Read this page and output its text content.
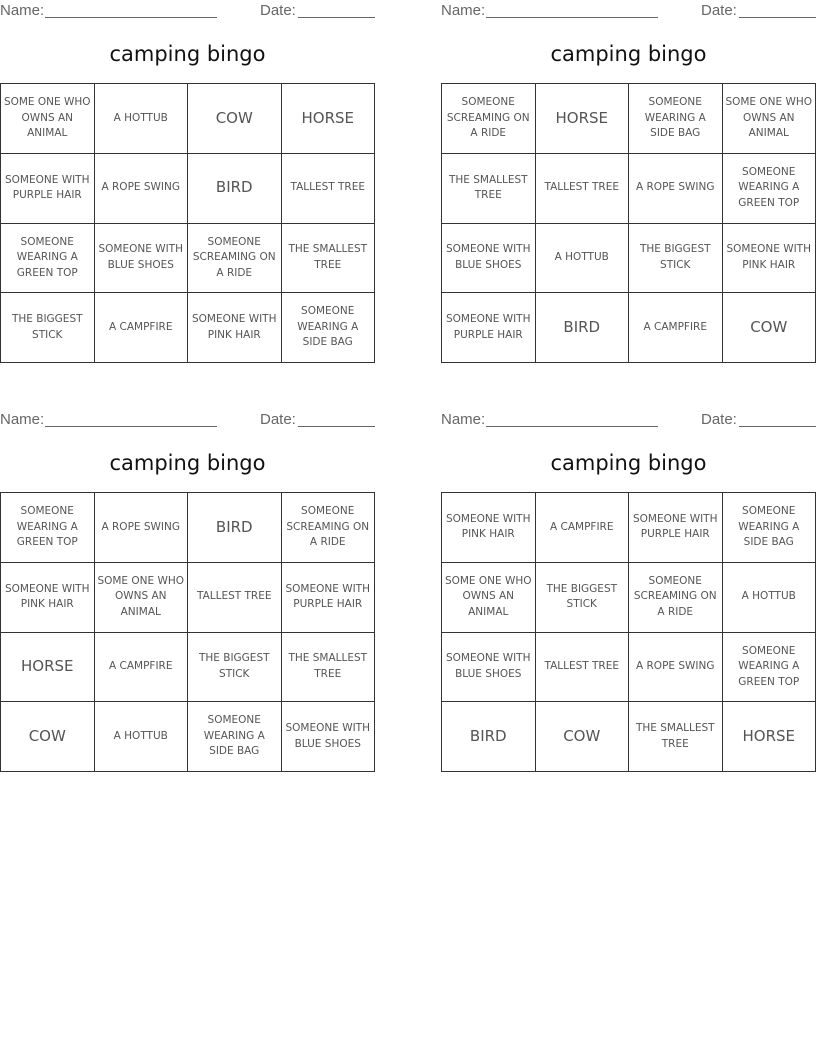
Name:	Date:
camping bingo
SOME ONE WHO OWNS AN ANIMAL	A HOTTUB	COW	HORSE
SOMEONE WITH PURPLE HAIR	A ROPE SWING	BIRD	TALLEST TREE
SOMEONE WEARING A GREEN TOP	SOMEONE WITH BLUE SHOES	SOMEONE SCREAMING ON A RIDE	THE SMALLEST TREE
THE BIGGEST STICK	A CAMPFIRE	SOMEONE WITH PINK HAIR	SOMEONE WEARING A SIDE BAG
Name:	Date:
camping bingo
SOMEONE SCREAMING ON A RIDE	HORSE	SOMEONE WEARING A SIDE BAG	SOME ONE WHO OWNS AN ANIMAL
THE SMALLEST TREE	TALLEST TREE	A ROPE SWING	SOMEONE WEARING A GREEN TOP
SOMEONE WITH BLUE SHOES	A HOTTUB	THE BIGGEST STICK	SOMEONE WITH PINK HAIR
SOMEONE WITH PURPLE HAIR	BIRD	A CAMPFIRE	COW
Name:	Date:
camping bingo
SOMEONE WEARING A GREEN TOP	A ROPE SWING	BIRD	SOMEONE SCREAMING ON A RIDE
SOMEONE WITH PINK HAIR	SOME ONE WHO OWNS AN ANIMAL	TALLEST TREE	SOMEONE WITH PURPLE HAIR
HORSE	A CAMPFIRE	THE BIGGEST STICK	THE SMALLEST TREE
COW	A HOTTUB	SOMEONE WEARING A SIDE BAG	SOMEONE WITH BLUE SHOES
Name:	Date:
camping bingo
SOMEONE WITH PINK HAIR	A CAMPFIRE	SOMEONE WITH PURPLE HAIR	SOMEONE WEARING A SIDE BAG
SOME ONE WHO OWNS AN ANIMAL	THE BIGGEST STICK	SOMEONE SCREAMING ON A RIDE	A HOTTUB
SOMEONE WITH BLUE SHOES	TALLEST TREE	A ROPE SWING	SOMEONE WEARING A GREEN TOP
BIRD	COW	THE SMALLEST TREE	HORSE
